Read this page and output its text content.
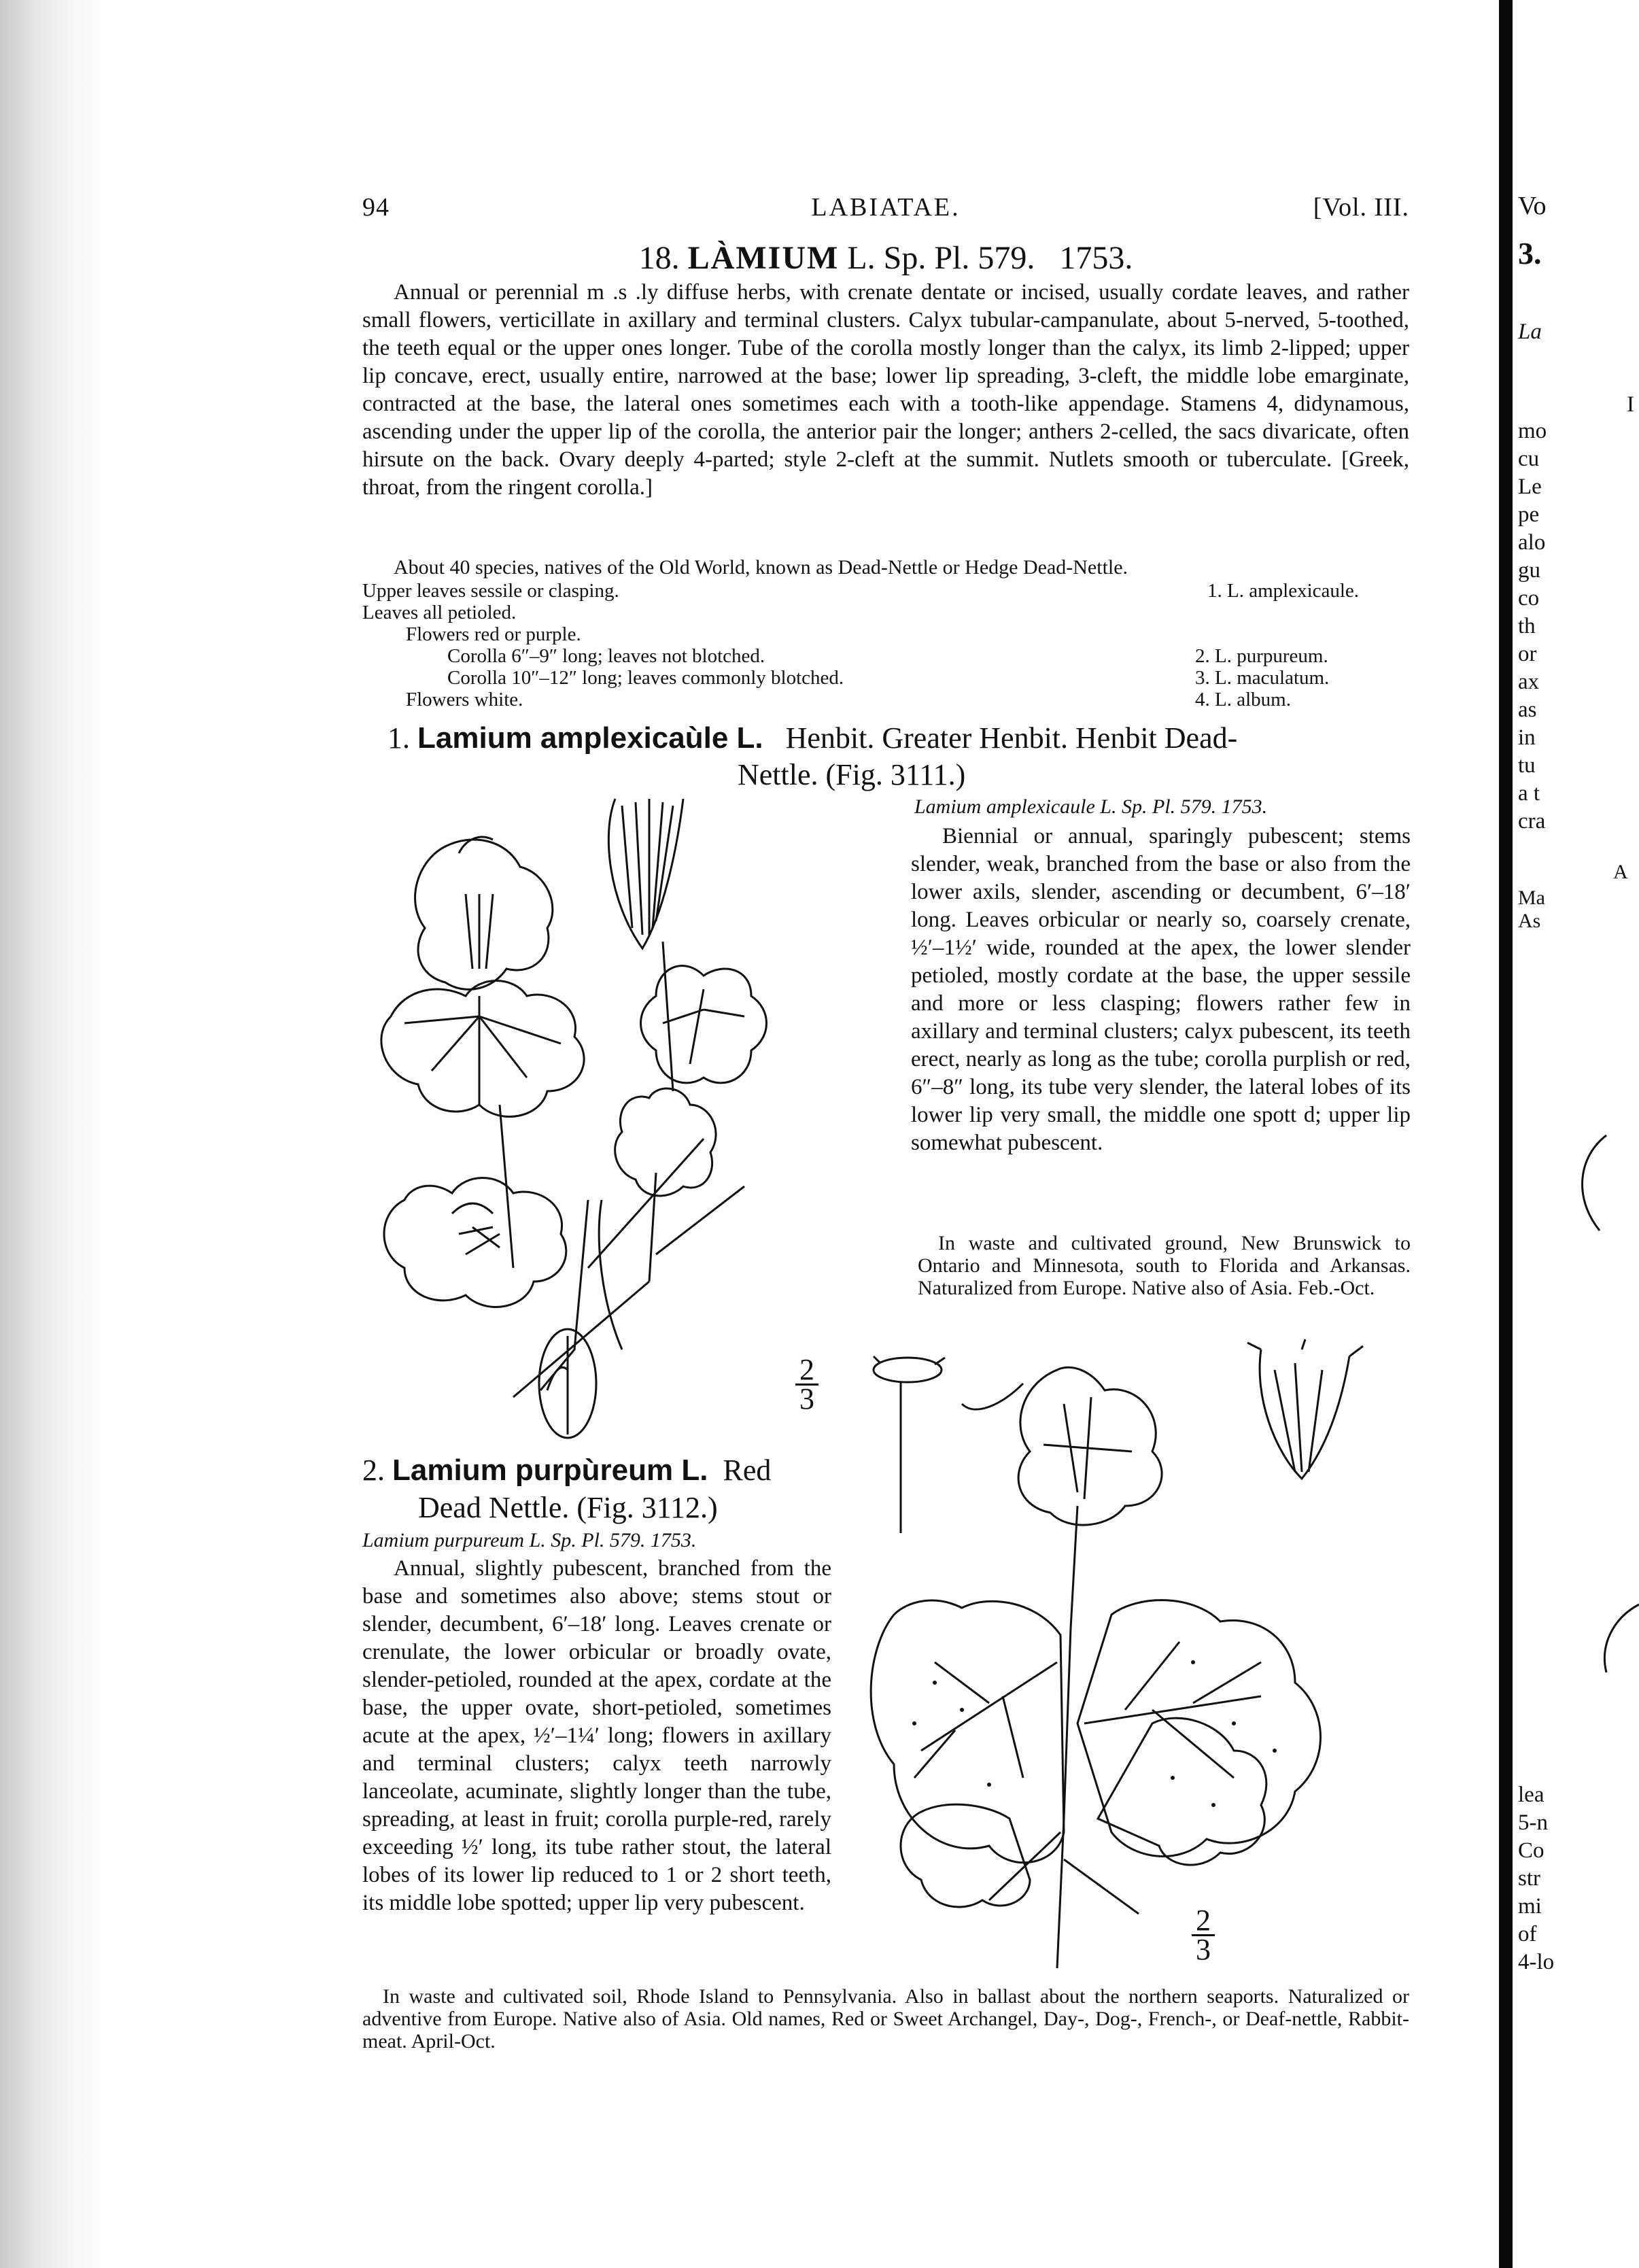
94	LABIATAE.	[Vol. III.
18. LÀMIUM L. Sp. Pl. 579. 1753.
Annual or perennial m .s .ly diffuse herbs, with crenate dentate or incised, usually cordate leaves, and rather small flowers, verticillate in axillary and terminal clusters. Calyx tubular-campanulate, about 5-nerved, 5-toothed, the teeth equal or the upper ones longer. Tube of the corolla mostly longer than the calyx, its limb 2-lipped; upper lip concave, erect, usually entire, narrowed at the base; lower lip spreading, 3-cleft, the middle lobe emarginate, contracted at the base, the lateral ones sometimes each with a tooth-like appendage. Stamens 4, didynamous, ascending under the upper lip of the corolla, the anterior pair the longer; anthers 2-celled, the sacs divaricate, often hirsute on the back. Ovary deeply 4-parted; style 2-cleft at the summit. Nutlets smooth or tuberculate. [Greek, throat, from the ringent corolla.]
About 40 species, natives of the Old World, known as Dead-Nettle or Hedge Dead-Nettle.
Upper leaves sessile or clasping.	1. L. amplexicaule.
Leaves all petioled.
Flowers red or purple.
Corolla 6″–9″ long; leaves not blotched.	2. L. purpureum.
Corolla 10″–12″ long; leaves commonly blotched.	3. L. maculatum.
Flowers white.	4. L. album.
1. Lamium amplexicaùle L. Henbit. Greater Henbit. Henbit Dead-
Nettle. (Fig. 3111.)
Lamium amplexicaule L. Sp. Pl. 579. 1753.
Biennial or annual, sparingly pubescent; stems slender, weak, branched from the base or also from the lower axils, slender, ascending or decumbent, 6′–18′ long. Leaves orbicular or nearly so, coarsely crenate, ½′–1½′ wide, rounded at the apex, the lower slender petioled, mostly cordate at the base, the upper sessile and more or less clasping; flowers rather few in axillary and terminal clusters; calyx pubescent, its teeth erect, nearly as long as the tube; corolla purplish or red, 6″–8″ long, its tube very slender, the lateral lobes of its lower lip very small, the middle one spott d; upper lip somewhat pubescent.
In waste and cultivated ground, New Brunswick to Ontario and Minnesota, south to Florida and Arkansas. Naturalized from Europe. Native also of Asia. Feb.-Oct.
2
3
2. Lamium purpùreum L. Red
Dead Nettle. (Fig. 3112.)
Lamium purpureum L. Sp. Pl. 579. 1753.
Annual, slightly pubescent, branched from the base and sometimes also above; stems stout or slender, decumbent, 6′–18′ long. Leaves crenate or crenulate, the lower orbicular or broadly ovate, slender-petioled, rounded at the apex, cordate at the base, the upper ovate, short-petioled, sometimes acute at the apex, ½′–1¼′ long; flowers in axillary and terminal clusters; calyx teeth narrowly lanceolate, acuminate, slightly longer than the tube, spreading, at least in fruit; corolla purple-red, rarely exceeding ½′ long, its tube rather stout, the lateral lobes of its lower lip reduced to 1 or 2 short teeth, its middle lobe spotted; upper lip very pubescent.
2
3
In waste and cultivated soil, Rhode Island to Pennsylvania. Also in ballast about the northern seaports. Naturalized or adventive from Europe. Native also of Asia. Old names, Red or Sweet Archangel, Day-, Dog-, French-, or Deaf-nettle, Rabbit-meat. April-Oct.
Vo
3.
La
I
mo
cu
Le
pe
alo
gu
co
th
or
ax
as
in
tu
a t
cra
A
Ma
As
lea
5-n
Co
str
mi
of
4-lo
